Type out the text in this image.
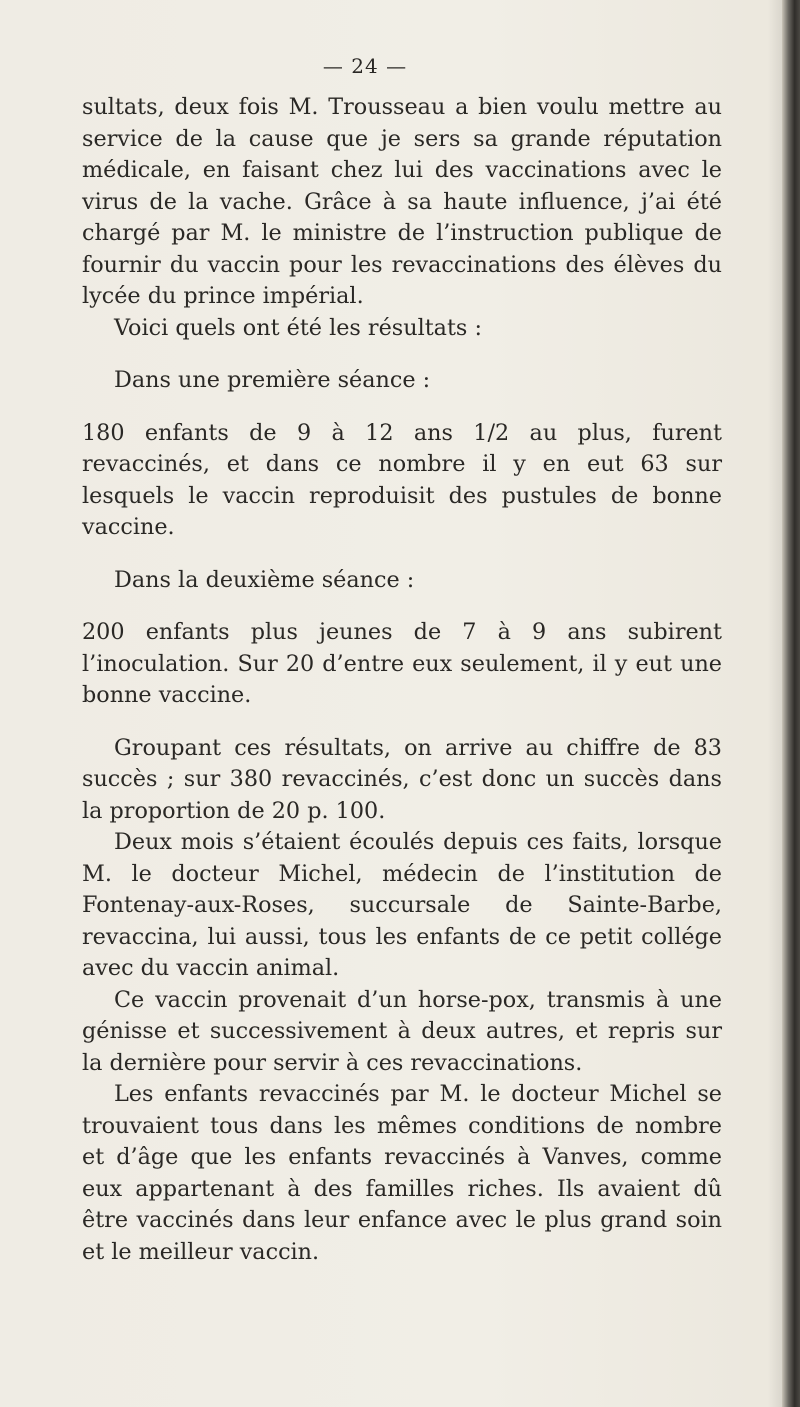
— 24 —

sultats, deux fois M. Trousseau a bien voulu mettre au service de la cause que je sers sa grande réputation médicale, en faisant chez lui des vaccinations avec le virus de la vache. Grâce à sa haute influence, j’ai été chargé par M. le ministre de l’instruction publique de fournir du vaccin pour les revaccinations des élèves du lycée du prince impérial.

Voici quels ont été les résultats :

Dans une première séance :

180 enfants de 9 à 12 ans 1/2 au plus, furent revaccinés, et dans ce nombre il y en eut 63 sur lesquels le vaccin reproduisit des pustules de bonne vaccine.

Dans la deuxième séance :

200 enfants plus jeunes de 7 à 9 ans subirent l’inoculation. Sur 20 d’entre eux seulement, il y eut une bonne vaccine.

Groupant ces résultats, on arrive au chiffre de 83 succès ; sur 380 revaccinés, c’est donc un succès dans la proportion de 20 p. 100.

Deux mois s’étaient écoulés depuis ces faits, lorsque M. le docteur Michel, médecin de l’institution de Fontenay-aux-Roses, succursale de Sainte-Barbe, revaccina, lui aussi, tous les enfants de ce petit collége avec du vaccin animal.

Ce vaccin provenait d’un horse-pox, transmis à une génisse et successivement à deux autres, et repris sur la dernière pour servir à ces revaccinations.

Les enfants revaccinés par M. le docteur Michel se trouvaient tous dans les mêmes conditions de nombre et d’âge que les enfants revaccinés à Vanves, comme eux appartenant à des familles riches. Ils avaient dû être vaccinés dans leur enfance avec le plus grand soin et le meilleur vaccin.
